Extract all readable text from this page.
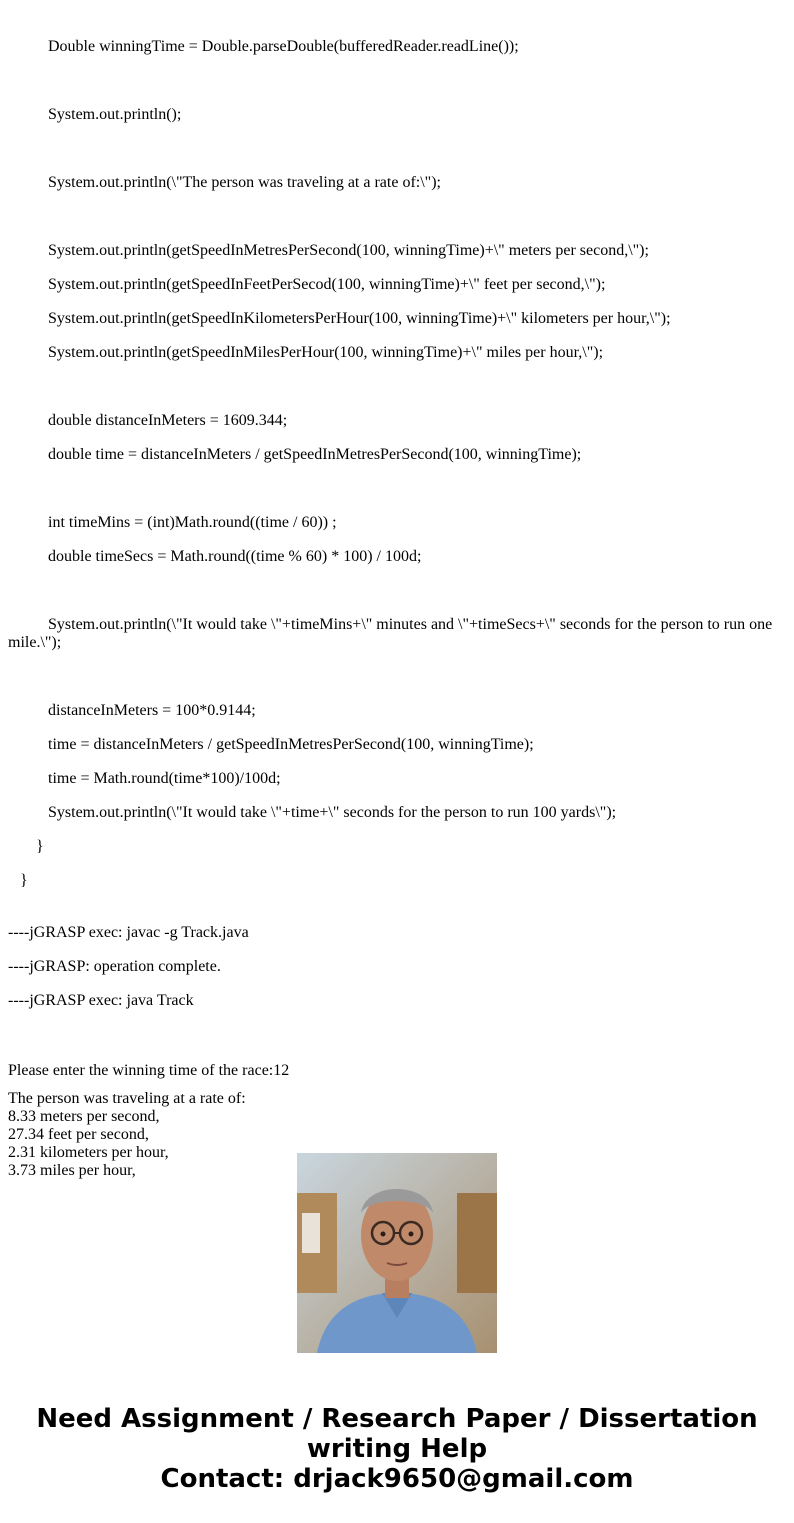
Double winningTime = Double.parseDouble(bufferedReader.readLine());

System.out.println();

System.out.println(\"The person was traveling at a rate of:\");

System.out.println(getSpeedInMetresPerSecond(100, winningTime)+\" meters per second,\");

System.out.println(getSpeedInFeetPerSecod(100, winningTime)+\" feet per second,\");

System.out.println(getSpeedInKilometersPerHour(100, winningTime)+\" kilometers per hour,\");

System.out.println(getSpeedInMilesPerHour(100, winningTime)+\" miles per hour,\");

double distanceInMeters = 1609.344;

double time = distanceInMeters / getSpeedInMetresPerSecond(100, winningTime);

int timeMins = (int)Math.round((time / 60)) ;

double timeSecs = Math.round((time % 60) * 100) / 100d;

System.out.println(\"It would take \"+timeMins+\" minutes and \"+timeSecs+\" seconds for the person to run one mile.\");

distanceInMeters = 100*0.9144;

time = distanceInMeters / getSpeedInMetresPerSecond(100, winningTime);

time = Math.round(time*100)/100d;

System.out.println(\"It would take \"+time+\" seconds for the person to run 100 yards\");

}

}

----jGRASP exec: javac -g Track.java

----jGRASP: operation complete.

----jGRASP exec: java Track

Please enter the winning time of the race:12
The person was traveling at a rate of:
8.33 meters per second,
27.34 feet per second,
2.31 kilometers per hour,
3.73 miles per hour,
Need Assignment / Research Paper / Dissertation
writing Help
Contact: drjack9650@gmail.com
